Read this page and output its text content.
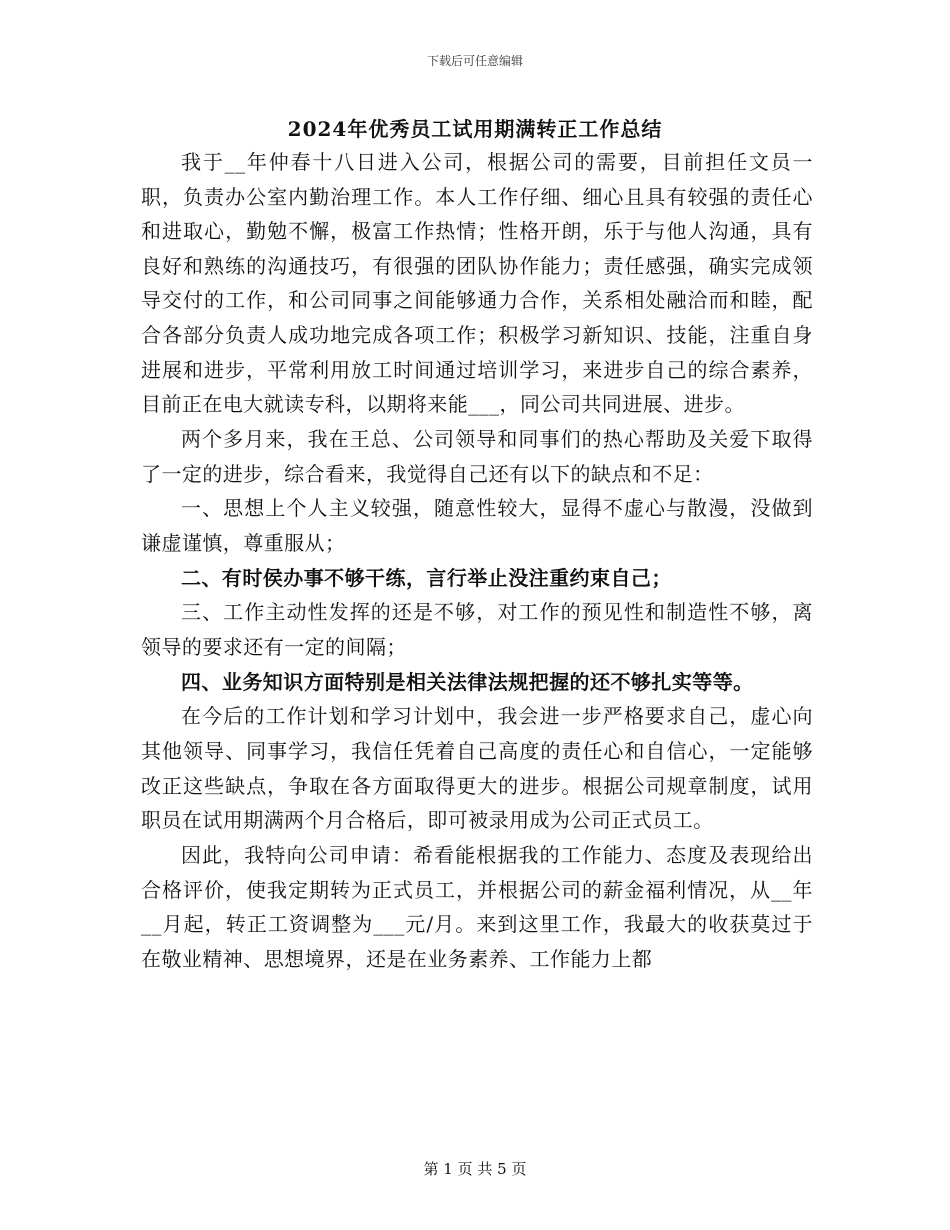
下载后可任意编辑
2024年优秀员工试用期满转正工作总结

我于__年仲春十八日进入公司，根据公司的需要，目前担任文员一职，负责办公室内勤治理工作。本人工作仔细、细心且具有较强的责任心和进取心，勤勉不懈，极富工作热情；性格开朗，乐于与他人沟通，具有良好和熟练的沟通技巧，有很强的团队协作能力；责任感强，确实完成领导交付的工作，和公司同事之间能够通力合作，关系相处融洽而和睦，配合各部分负责人成功地完成各项工作；积极学习新知识、技能，注重自身进展和进步，平常利用放工时间通过培训学习，来进步自己的综合素养，目前正在电大就读专科，以期将来能___，同公司共同进展、进步。

两个多月来，我在王总、公司领导和同事们的热心帮助及关爱下取得了一定的进步，综合看来，我觉得自己还有以下的缺点和不足：

一、思想上个人主义较强，随意性较大，显得不虚心与散漫，没做到谦虚谨慎，尊重服从；

二、有时侯办事不够干练，言行举止没注重约束自己；

三、工作主动性发挥的还是不够，对工作的预见性和制造性不够，离领导的要求还有一定的间隔；

四、业务知识方面特别是相关法律法规把握的还不够扎实等等。

在今后的工作计划和学习计划中，我会进一步严格要求自己，虚心向其他领导、同事学习，我信任凭着自己高度的责任心和自信心，一定能够改正这些缺点，争取在各方面取得更大的进步。根据公司规章制度，试用职员在试用期满两个月合格后，即可被录用成为公司正式员工。

因此，我特向公司申请：希看能根据我的工作能力、态度及表现给出合格评价，使我定期转为正式员工，并根据公司的薪金福利情况，从__年__月起，转正工资调整为___元/月。来到这里工作，我最大的收获莫过于在敬业精神、思想境界，还是在业务素养、工作能力上都

第 1 页 共 5 页
